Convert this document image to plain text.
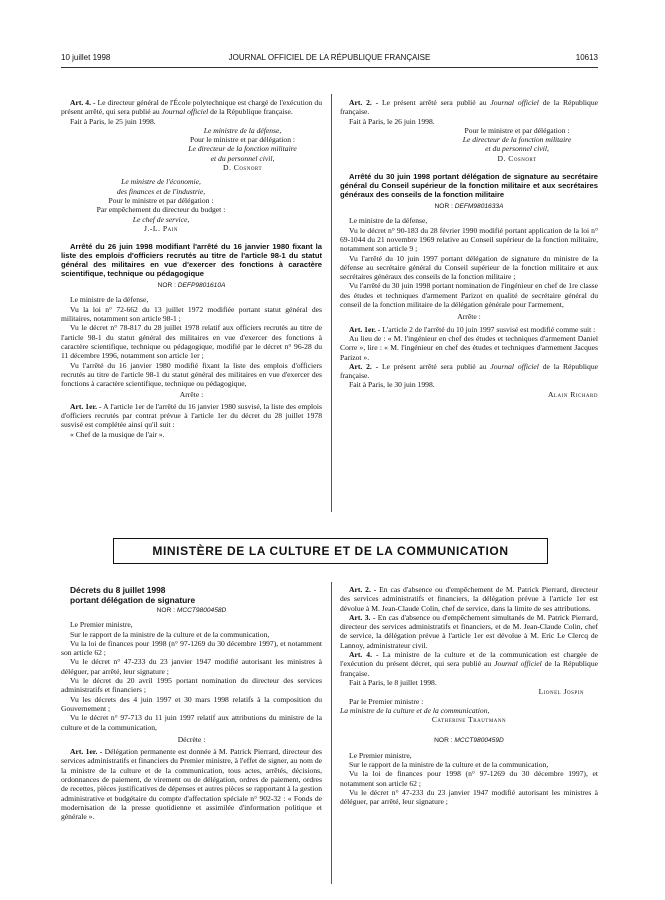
10 juillet 1998	JOURNAL OFFICIEL DE LA RÉPUBLIQUE FRANÇAISE	10613

Art. 4. - Le directeur général de l'École polytechnique est chargé de l'exécution du présent arrêté, qui sera publié au Journal officiel de la République française.

Fait à Paris, le 25 juin 1998.

Le ministre de la défense,

Pour le ministre et par délégation :

Le directeur de la fonction militaire

et du personnel civil,

D. Cosnort

Le ministre de l'économie,

des finances et de l'industrie,

Pour le ministre et par délégation :

Par empêchement du directeur du budget :

Le chef de service,

J.-L. Pain

Arrêté du 26 juin 1998 modifiant l'arrêté du 16 janvier 1980 fixant la liste des emplois d'officiers recrutés au titre de l'article 98-1 du statut général des militaires en vue d'exercer des fonctions à caractère scientifique, technique ou pédagogique

NOR : DEFP9801610A

Le ministre de la défense,

Vu la loi n° 72-662 du 13 juillet 1972 modifiée portant statut général des militaires, notamment son article 98-1 ;

Vu le décret n° 78-817 du 28 juillet 1978 relatif aux officiers recrutés au titre de l'article 98-1 du statut général des militaires en vue d'exercer des fonctions à caractère scientifique, technique ou pédagogique, modifié par le décret n° 96-28 du 11 décembre 1996, notamment son article 1er ;

Vu l'arrêté du 16 janvier 1980 modifié fixant la liste des emplois d'officiers recrutés au titre de l'article 98-1 du statut général des militaires en vue d'exercer des fonctions à caractère scientifique, technique ou pédagogique,

Arrête :

Art. 1er. - A l'article 1er de l'arrêté du 16 janvier 1980 susvisé, la liste des emplois d'officiers recrutés par contrat prévue à l'article 1er du décret du 28 juillet 1978 susvisé est complétée ainsi qu'il suit :

« Chef de la musique de l'air ».

Art. 2. - Le présent arrêté sera publié au Journal officiel de la République française.

Fait à Paris, le 26 juin 1998.

Pour le ministre et par délégation :

Le directeur de la fonction militaire

et du personnel civil,

D. Cosnort

Arrêté du 30 juin 1998 portant délégation de signature au secrétaire général du Conseil supérieur de la fonction militaire et aux secrétaires généraux des conseils de la fonction militaire

NOR : DEFM9801633A

Le ministre de la défense,

Vu le décret n° 90-183 du 28 février 1990 modifié portant application de la loi n° 69-1044 du 21 novembre 1969 relative au Conseil supérieur de la fonction militaire, notamment son article 9 ;

Vu l'arrêté du 10 juin 1997 portant délégation de signature du ministre de la défense au secrétaire général du Conseil supérieur de la fonction militaire et aux secrétaires généraux des conseils de la fonction militaire ;

Vu l'arrêté du 30 juin 1998 portant nomination de l'ingénieur en chef de 1re classe des études et techniques d'armement Parizot en qualité de secrétaire général du conseil de la fonction militaire de la délégation générale pour l'armement,

Arrête :

Art. 1er. - L'article 2 de l'arrêté du 10 juin 1997 susvisé est modifié comme suit :

Au lieu de : « M. l'ingénieur en chef des études et techniques d'armement Daniel Corre », lire : « M. l'ingénieur en chef des études et techniques d'armement Jacques Parizot ».

Art. 2. - Le présent arrêté sera publié au Journal officiel de la République française.

Fait à Paris, le 30 juin 1998.

Alain Richard

MINISTÈRE DE LA CULTURE ET DE LA COMMUNICATION

Décrets du 8 juillet 1998

portant délégation de signature

NOR : MCCT9800458D

Le Premier ministre,

Sur le rapport de la ministre de la culture et de la communication,

Vu la loi de finances pour 1998 (n° 97-1269 du 30 décembre 1997), et notamment son article 62 ;

Vu le décret n° 47-233 du 23 janvier 1947 modifié autorisant les ministres à déléguer, par arrêté, leur signature ;

Vu le décret du 20 avril 1995 portant nomination du directeur des services administratifs et financiers ;

Vu les décrets des 4 juin 1997 et 30 mars 1998 relatifs à la composition du Gouvernement ;

Vu le décret n° 97-713 du 11 juin 1997 relatif aux attributions du ministre de la culture et de la communication,

Décrète :

Art. 1er. - Délégation permanente est donnée à M. Patrick Pierrard, directeur des services administratifs et financiers du Premier ministre, à l'effet de signer, au nom de la ministre de la culture et de la communication, tous actes, arrêtés, décisions, ordonnances de paiement, de virement ou de délégation, ordres de paiement, ordres de recettes, pièces justificatives de dépenses et autres pièces se rapportant à la gestion administrative et budgétaire du compte d'affectation spéciale n° 902-32 : « Fonds de modernisation de la presse quotidienne et assimilée d'information politique et générale ».

Art. 2. - En cas d'absence ou d'empêchement de M. Patrick Pierrard, directeur des services administratifs et financiers, la délégation prévue à l'article 1er est dévolue à M. Jean-Claude Colin, chef de service, dans la limite de ses attributions.

Art. 3. - En cas d'absence ou d'empêchement simultanés de M. Patrick Pierrard, directeur des services administratifs et financiers, et de M. Jean-Claude Colin, chef de service, la délégation prévue à l'article 1er est dévolue à M. Eric Le Clercq de Lannoy, administrateur civil.

Art. 4. - La ministre de la culture et de la communication est chargée de l'exécution du présent décret, qui sera publié au Journal officiel de la République française.

Fait à Paris, le 8 juillet 1998.

Lionel Jospin

Par le Premier ministre :

La ministre de la culture et de la communication,

Catherine Trautmann

NOR : MCCT9800459D

Le Premier ministre,

Sur le rapport de la ministre de la culture et de la communication,

Vu la loi de finances pour 1998 (n° 97-1269 du 30 décembre 1997), et notamment son article 62 ;

Vu le décret n° 47-233 du 23 janvier 1947 modifié autorisant les ministres à déléguer, par arrêté, leur signature ;
